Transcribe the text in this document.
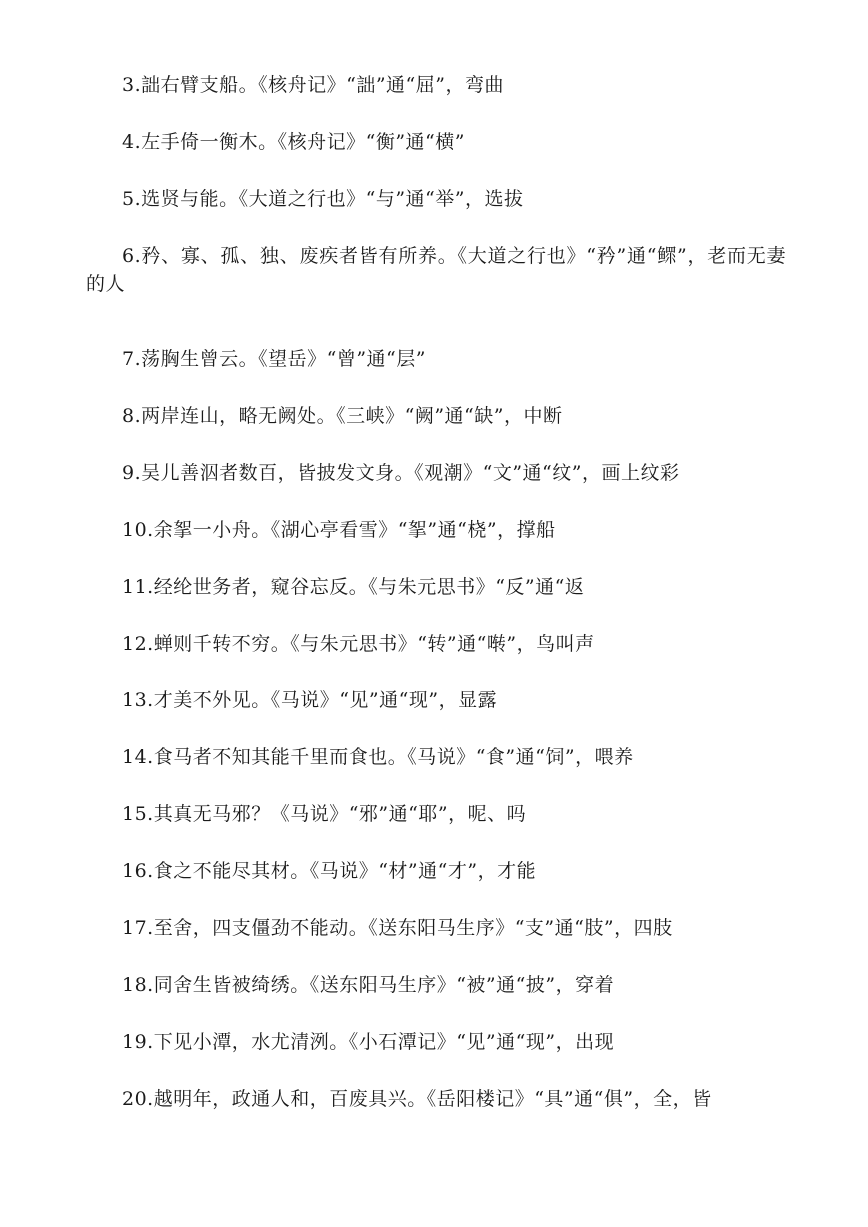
3.詘右臂支船。《核舟记》“詘”通“屈”，弯曲
4.左手倚一衡木。《核舟记》“衡”通“横”
5.选贤与能。《大道之行也》“与”通“举”，选拔
6.矜、寡、孤、独、废疾者皆有所养。《大道之行也》“矜”通“鳏”，老而无妻的人
7.荡胸生曾云。《望岳》“曾”通“层”
8.两岸连山，略无阙处。《三峡》“阙”通“缺”，中断
9.吴儿善泅者数百，皆披发文身。《观潮》“文”通“纹”，画上纹彩
10.余挐一小舟。《湖心亭看雪》“挐”通“桡”，撑船
11.经纶世务者，窥谷忘反。《与朱元思书》“反”通“返
12.蝉则千转不穷。《与朱元思书》“转”通“啭”，鸟叫声
13.才美不外见。《马说》“见”通“现”，显露
14.食马者不知其能千里而食也。《马说》“食”通“饲”，喂养
15.其真无马邪？《马说》“邪”通“耶”，呢、吗
16.食之不能尽其材。《马说》“材”通“才”，才能
17.至舍，四支僵劲不能动。《送东阳马生序》“支”通“肢”，四肢
18.同舍生皆被绮绣。《送东阳马生序》“被”通“披”，穿着
19.下见小潭，水尤清洌。《小石潭记》“见”通“现”，出现
20.越明年，政通人和，百废具兴。《岳阳楼记》“具”通“俱”，全，皆
